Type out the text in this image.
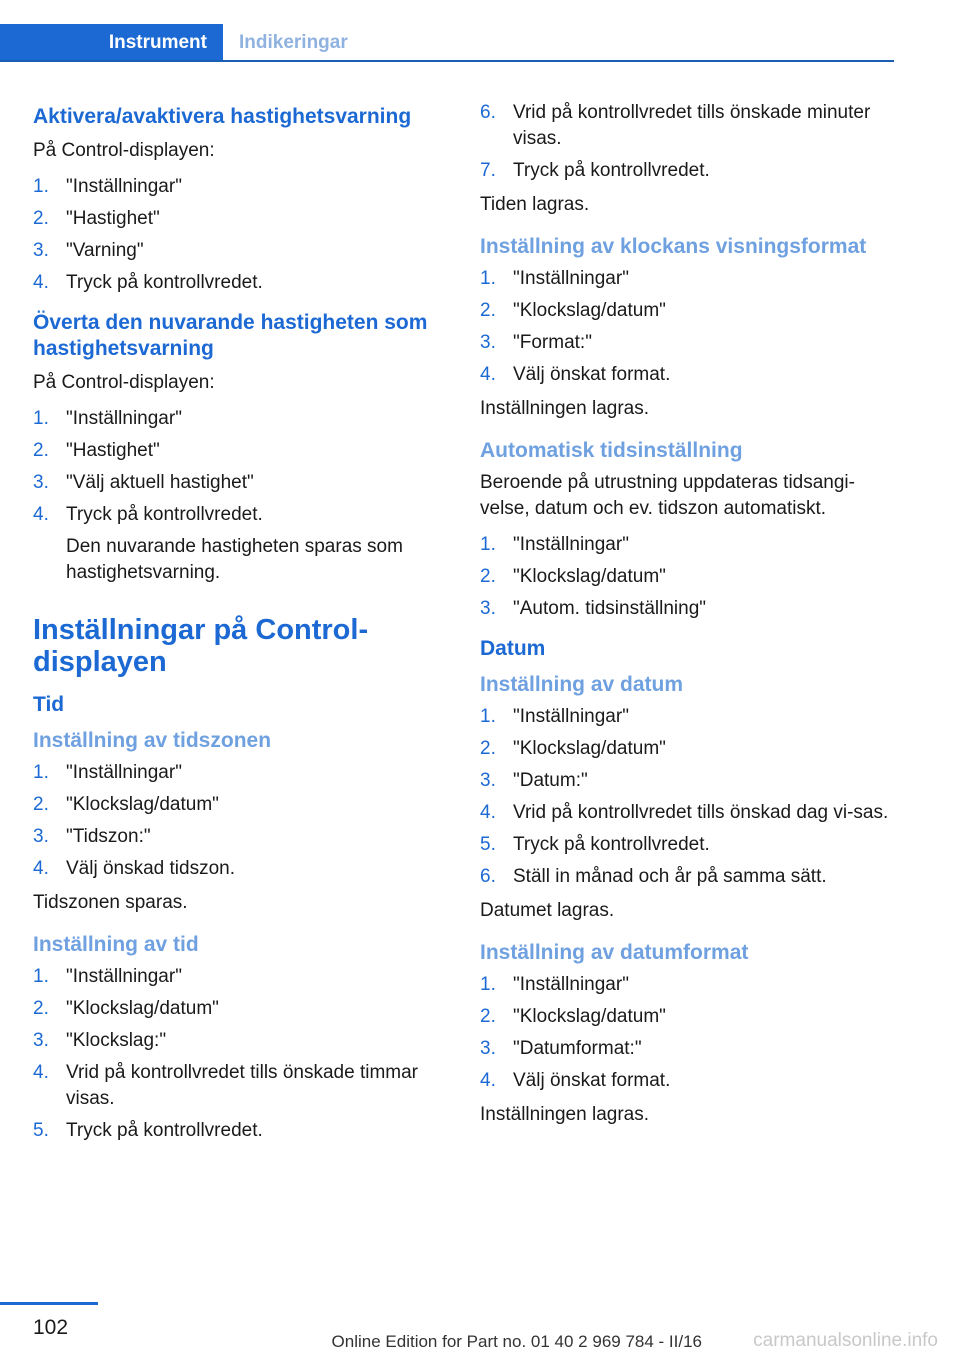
Instrument	Indikeringar
Aktivera/avaktivera hastighetsvarning

På Control-displayen:

1. "Inställningar"
2. "Hastighet"
3. "Varning"
4. Tryck på kontrollvredet.
Överta den nuvarande hastigheten som hastighetsvarning

På Control-displayen:

1. "Inställningar"
2. "Hastighet"
3. "Välj aktuell hastighet"
4. Tryck på kontrollvredet.

Den nuvarande hastigheten sparas som hastighetsvarning.

Inställningar på Control-displayen
Tid
Inställning av tidszonen
1. "Inställningar"
2. "Klockslag/datum"
3. "Tidszon:"
4. Välj önskad tidszon.

Tidszonen sparas.

Inställning av tid
1. "Inställningar"
2. "Klockslag/datum"
3. "Klockslag:"
4. Vrid på kontrollvredet tills önskade timmar visas.
5. Tryck på kontrollvredet.
6. Vrid på kontrollvredet tills önskade minuter visas.
7. Tryck på kontrollvredet.

Tiden lagras.

Inställning av klockans visningsformat
1. "Inställningar"
2. "Klockslag/datum"
3. "Format:"
4. Välj önskat format.

Inställningen lagras.

Automatisk tidsinställning

Beroende på utrustning uppdateras tidsangi-velse, datum och ev. tidszon automatiskt.

1. "Inställningar"
2. "Klockslag/datum"
3. "Autom. tidsinställning"
Datum
Inställning av datum
1. "Inställningar"
2. "Klockslag/datum"
3. "Datum:"
4. Vrid på kontrollvredet tills önskad dag vi-sas.
5. Tryck på kontrollvredet.
6. Ställ in månad och år på samma sätt.

Datumet lagras.

Inställning av datumformat
1. "Inställningar"
2. "Klockslag/datum"
3. "Datumformat:"
4. Välj önskat format.

Inställningen lagras.

102
Online Edition for Part no. 01 40 2 969 784 - II/16	carmanualsonline.info
